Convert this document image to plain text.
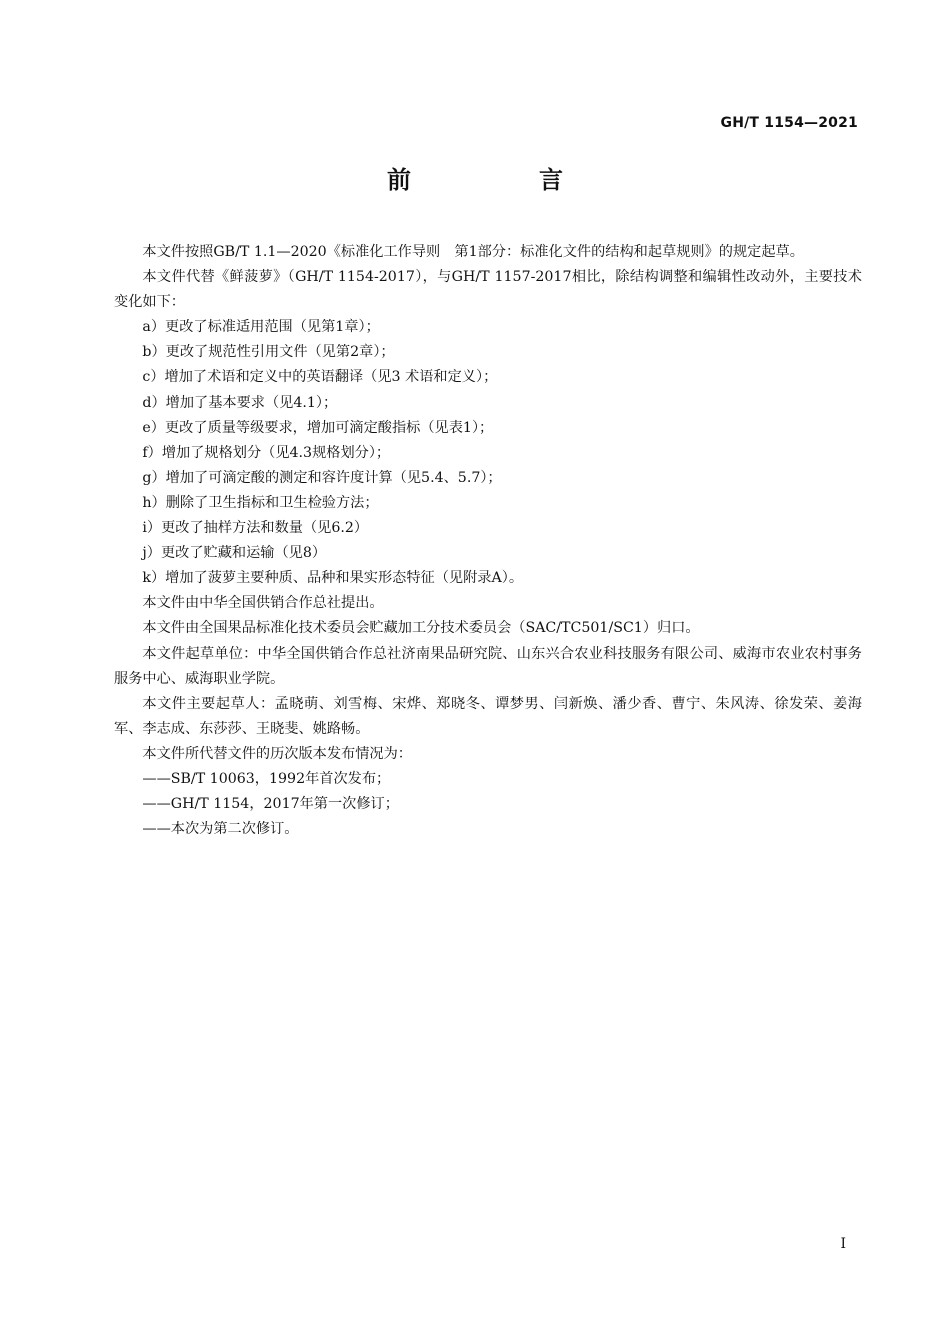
GH/T 1154—2021
前　言

本文件按照GB/T 1.1—2020《标准化工作导则　第1部分：标准化文件的结构和起草规则》的规定起草。

本文件代替《鲜菠萝》（GH/T 1154-2017），与GH/T 1157-2017相比，除结构调整和编辑性改动外，主要技术变化如下：

a）更改了标准适用范围（见第1章）；

b）更改了规范性引用文件（见第2章）；

c）增加了术语和定义中的英语翻译（见3 术语和定义）；

d）增加了基本要求（见4.1）；

e）更改了质量等级要求，增加可滴定酸指标（见表1）；

f）增加了规格划分（见4.3规格划分）；

g）增加了可滴定酸的测定和容许度计算（见5.4、5.7）；

h）删除了卫生指标和卫生检验方法；

i）更改了抽样方法和数量（见6.2）

j）更改了贮藏和运输（见8）

k）增加了菠萝主要种质、品种和果实形态特征（见附录A）。

本文件由中华全国供销合作总社提出。

本文件由全国果品标准化技术委员会贮藏加工分技术委员会（SAC/TC501/SC1）归口。

本文件起草单位：中华全国供销合作总社济南果品研究院、山东兴合农业科技服务有限公司、威海市农业农村事务服务中心、威海职业学院。

本文件主要起草人：孟晓萌、刘雪梅、宋烨、郑晓冬、谭梦男、闫新焕、潘少香、曹宁、朱风涛、徐发荣、姜海军、李志成、东莎莎、王晓斐、姚路畅。

本文件所代替文件的历次版本发布情况为：

——SB/T 10063，1992年首次发布；

——GH/T 1154，2017年第一次修订；

——本次为第二次修订。

I
